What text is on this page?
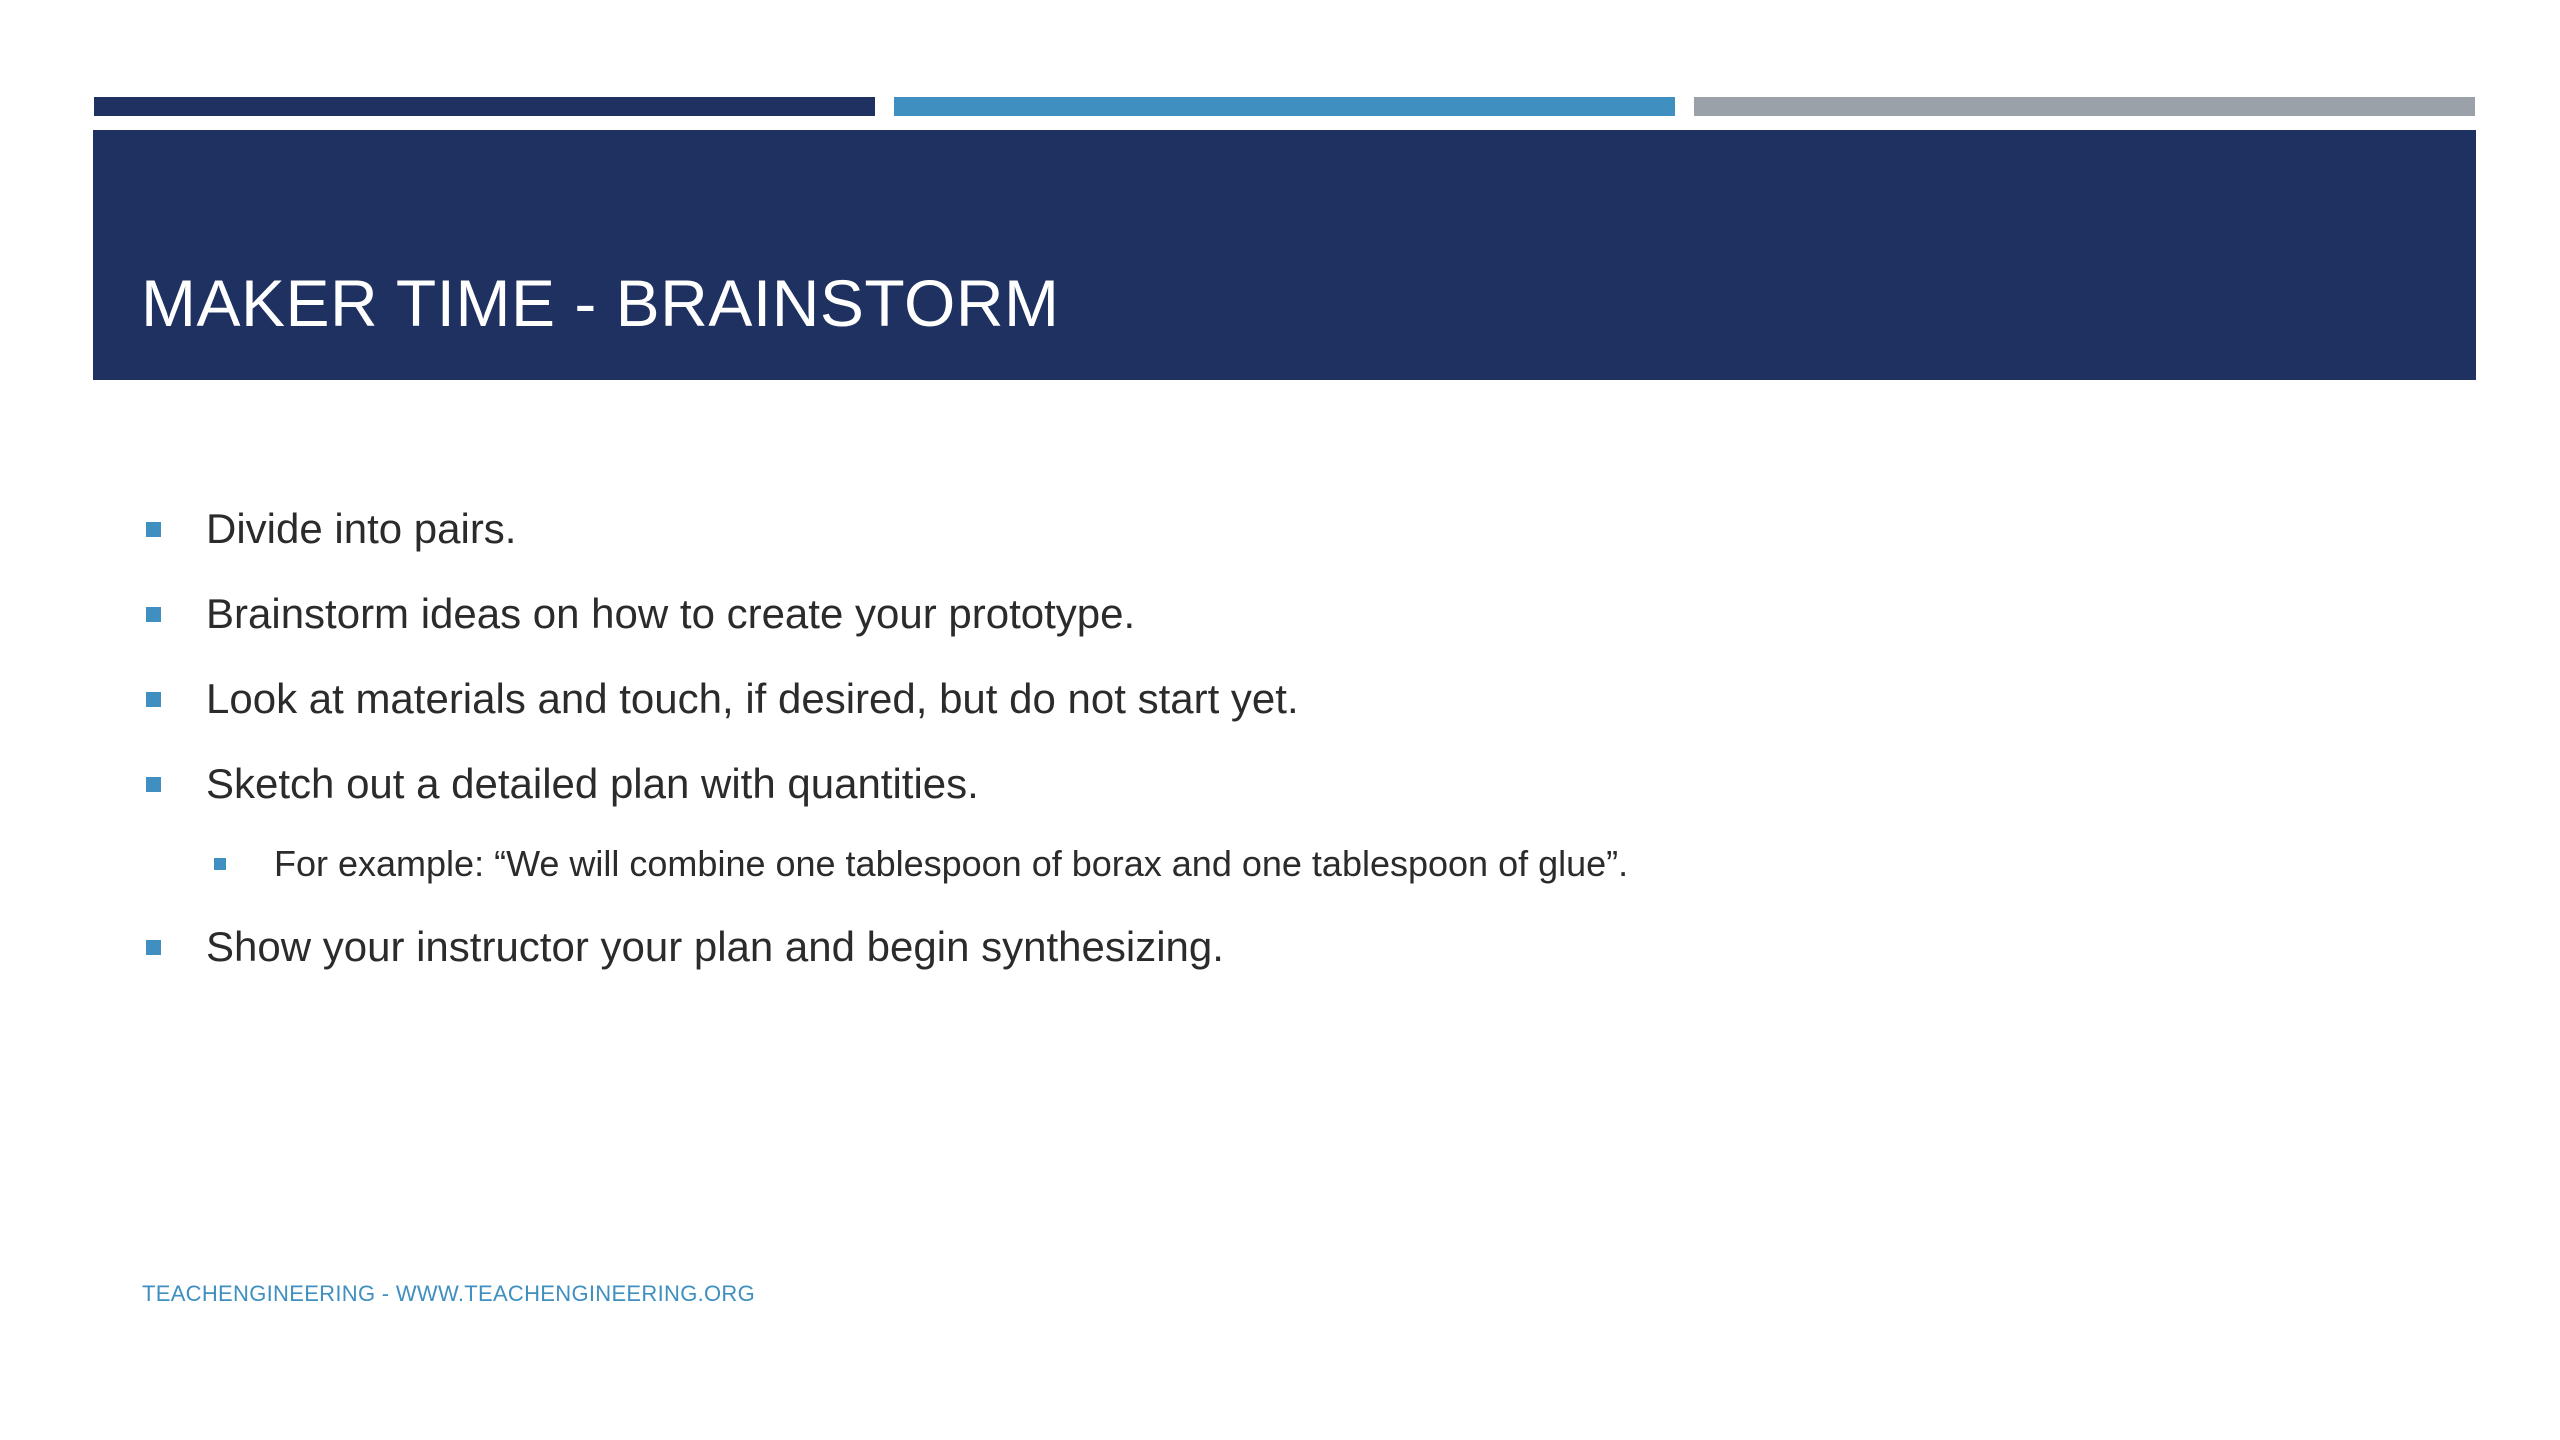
MAKER TIME - BRAINSTORM
Divide into pairs.
Brainstorm ideas on how to create your prototype.
Look at materials and touch, if desired, but do not start yet.
Sketch out a detailed plan with quantities.
For example: “We will combine one tablespoon of borax and one tablespoon of glue”.
Show your instructor your plan and begin synthesizing.
TEACHENGINEERING - WWW.TEACHENGINEERING.ORG
